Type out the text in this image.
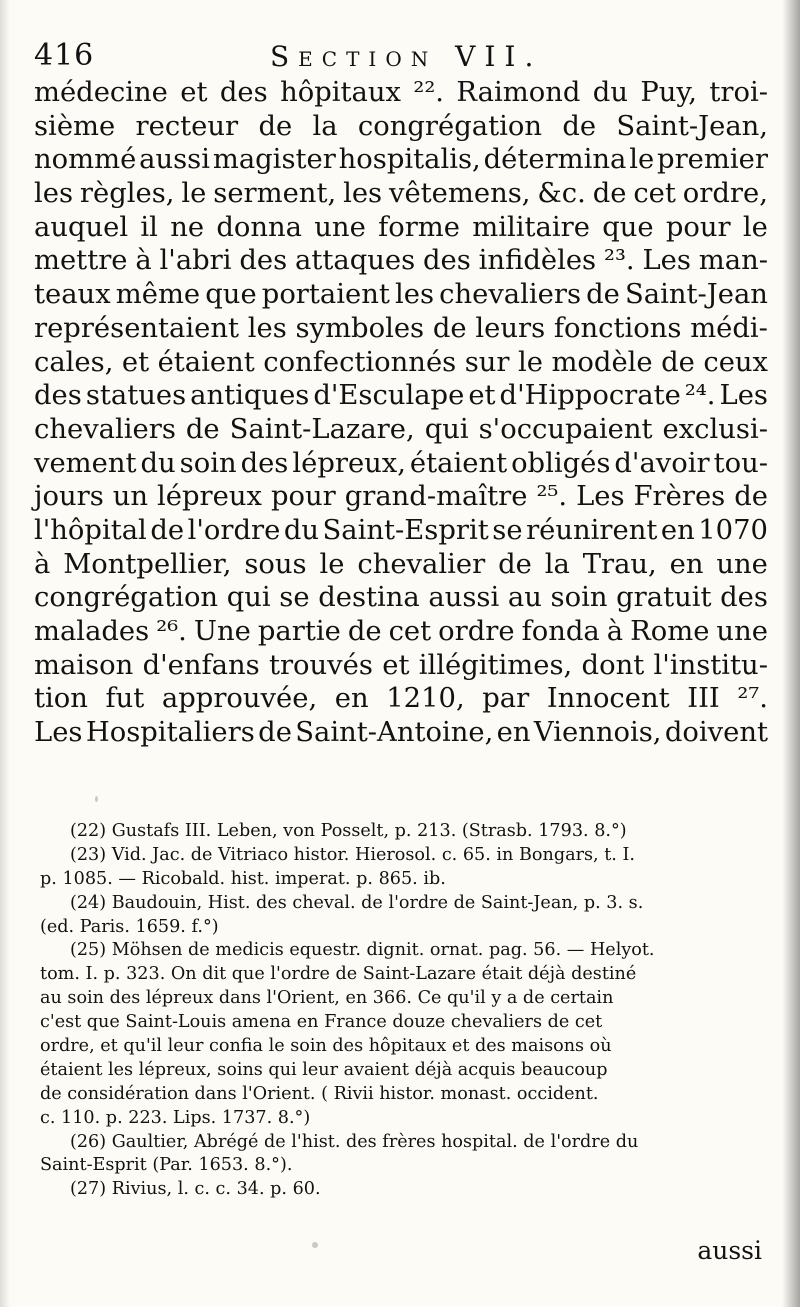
416	Section VII.
médecine et des hôpitaux ²². Raimond du Puy, troi-
sième recteur de la congrégation de Saint-Jean,
nommé aussi magister hospitalis, détermina le premier
les règles, le serment, les vêtemens, &c. de cet ordre,
auquel il ne donna une forme militaire que pour le
mettre à l'abri des attaques des infidèles ²³. Les man-
teaux même que portaient les chevaliers de Saint-Jean
représentaient les symboles de leurs fonctions médi-
cales, et étaient confectionnés sur le modèle de ceux
des statues antiques d'Esculape et d'Hippocrate ²⁴. Les
chevaliers de Saint-Lazare, qui s'occupaient exclusi-
vement du soin des lépreux, étaient obligés d'avoir tou-
jours un lépreux pour grand-maître ²⁵. Les Frères de
l'hôpital de l'ordre du Saint-Esprit se réunirent en 1070
à Montpellier, sous le chevalier de la Trau, en une
congrégation qui se destina aussi au soin gratuit des
malades ²⁶. Une partie de cet ordre fonda à Rome une
maison d'enfans trouvés et illégitimes, dont l'institu-
tion fut approuvée, en 1210, par Innocent III ²⁷.
Les Hospitaliers de Saint-Antoine, en Viennois, doivent
(22) Gustafs III. Leben, von Posselt, p. 213. (Strasb. 1793. 8.°)
(23) Vid. Jac. de Vitriaco histor. Hierosol. c. 65. in Bongars, t. I.
p. 1085. — Ricobald. hist. imperat. p. 865. ib.
(24) Baudouin, Hist. des cheval. de l'ordre de Saint-Jean, p. 3. s.
(ed. Paris. 1659. f.°)
(25) Möhsen de medicis equestr. dignit. ornat. pag. 56. — Helyot.
tom. I. p. 323. On dit que l'ordre de Saint-Lazare était déjà destiné
au soin des lépreux dans l'Orient, en 366. Ce qu'il y a de certain
c'est que Saint-Louis amena en France douze chevaliers de cet
ordre, et qu'il leur confia le soin des hôpitaux et des maisons où
étaient les lépreux, soins qui leur avaient déjà acquis beaucoup
de considération dans l'Orient. ( Rivii histor. monast. occident.
c. 110. p. 223. Lips. 1737. 8.°)
(26) Gaultier, Abrégé de l'hist. des frères hospital. de l'ordre du
Saint-Esprit (Par. 1653. 8.°).
(27) Rivius, l. c. c. 34. p. 60.
aussi
